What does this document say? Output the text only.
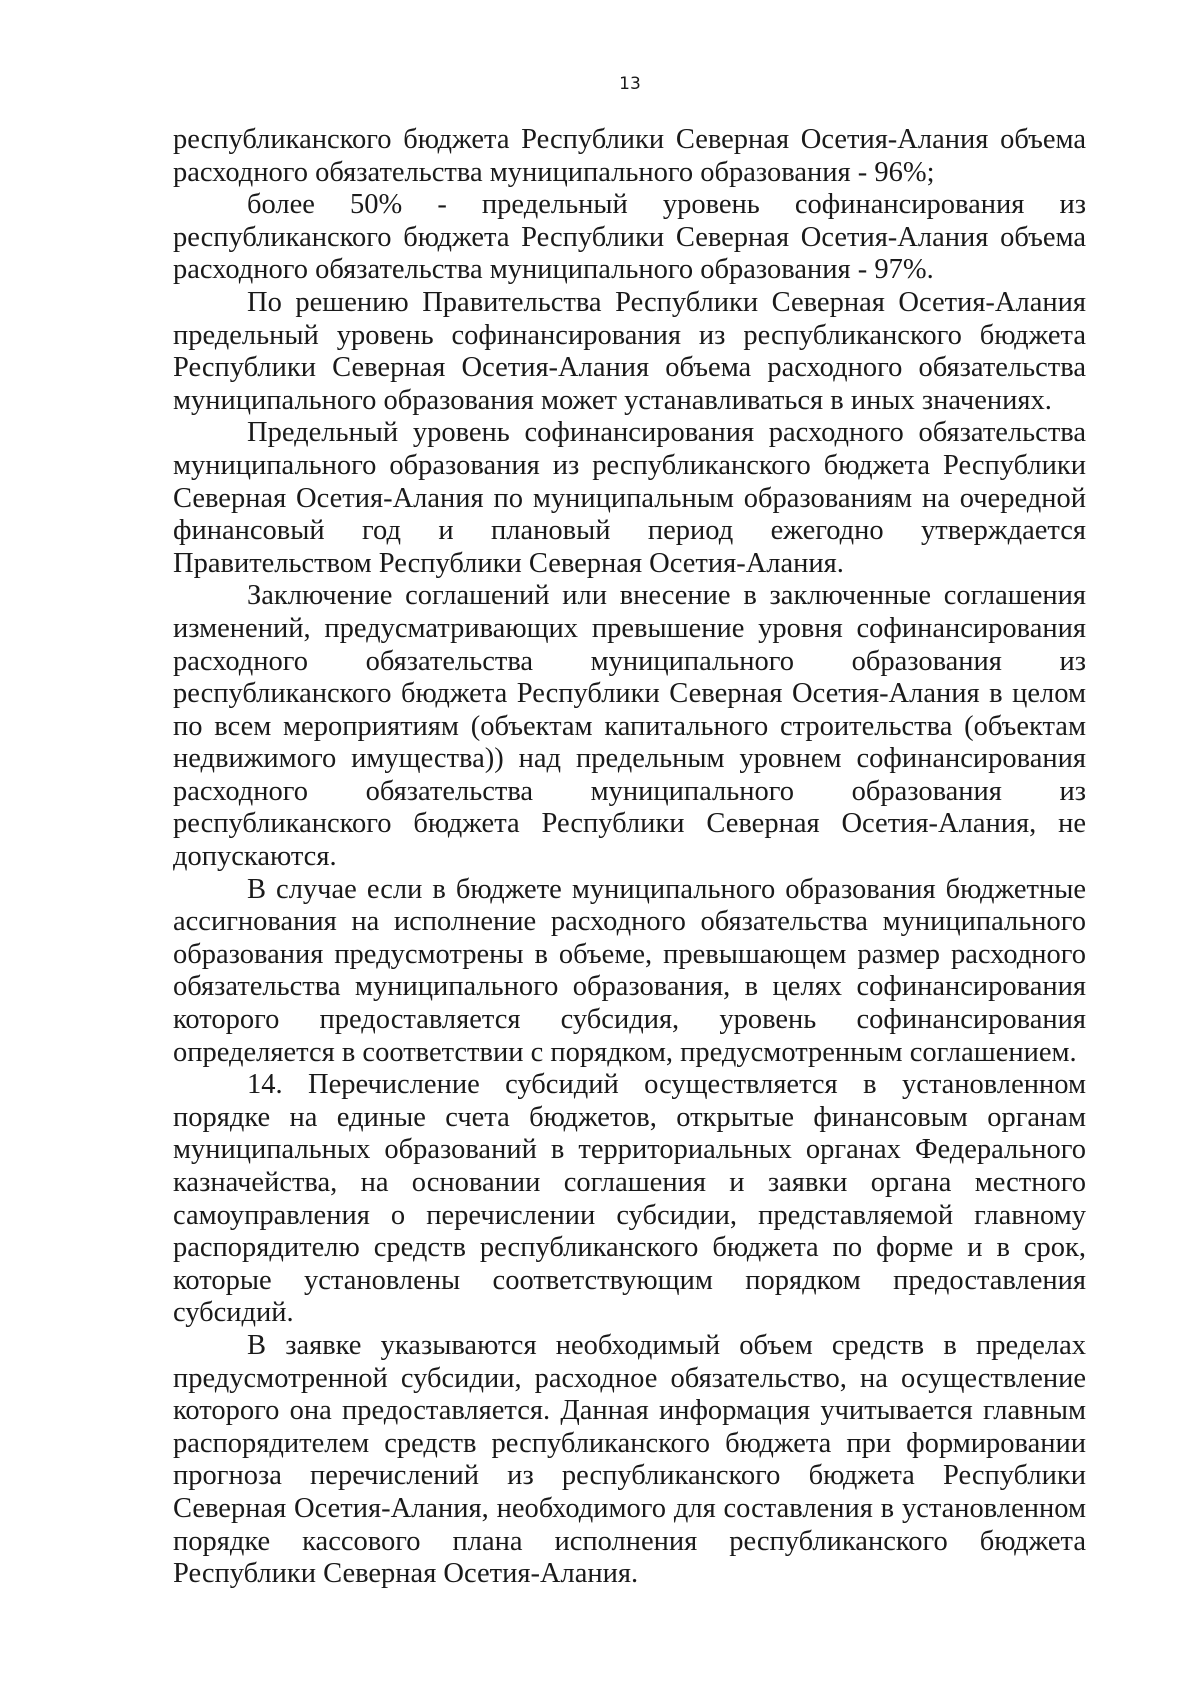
13

республиканского бюджета Республики Северная Осетия-Алания объема расходного обязательства муниципального образования - 96%;

более 50% - предельный уровень софинансирования из республиканского бюджета Республики Северная Осетия-Алания объема расходного обязательства муниципального образования - 97%.

По решению Правительства Республики Северная Осетия-Алания предельный уровень софинансирования из республиканского бюджета Республики Северная Осетия-Алания объема расходного обязательства муниципального образования может устанавливаться в иных значениях.

Предельный уровень софинансирования расходного обязательства муниципального образования из республиканского бюджета Республики Северная Осетия-Алания по муниципальным образованиям на очередной финансовый год и плановый период ежегодно утверждается Правительством Республики Северная Осетия-Алания.

Заключение соглашений или внесение в заключенные соглашения изменений, предусматривающих превышение уровня софинансирования расходного обязательства муниципального образования из республиканского бюджета Республики Северная Осетия-Алания в целом по всем мероприятиям (объектам капитального строительства (объектам недвижимого имущества)) над предельным уровнем софинансирования расходного обязательства муниципального образования из республиканского бюджета Республики Северная Осетия-Алания, не допускаются.

В случае если в бюджете муниципального образования бюджетные ассигнования на исполнение расходного обязательства муниципального образования предусмотрены в объеме, превышающем размер расходного обязательства муниципального образования, в целях софинансирования которого предоставляется субсидия, уровень софинансирования определяется в соответствии с порядком, предусмотренным соглашением.

14. Перечисление субсидий осуществляется в установленном порядке на единые счета бюджетов, открытые финансовым органам муниципальных образований в территориальных органах Федерального казначейства, на основании соглашения и заявки органа местного самоуправления о перечислении субсидии, представляемой главному распорядителю средств республиканского бюджета по форме и в срок, которые установлены соответствующим порядком предоставления субсидий.

В заявке указываются необходимый объем средств в пределах предусмотренной субсидии, расходное обязательство, на осуществление которого она предоставляется. Данная информация учитывается главным распорядителем средств республиканского бюджета при формировании прогноза перечислений из республиканского бюджета Республики Северная Осетия-Алания, необходимого для составления в установленном порядке кассового плана исполнения республиканского бюджета Республики Северная Осетия-Алания.
